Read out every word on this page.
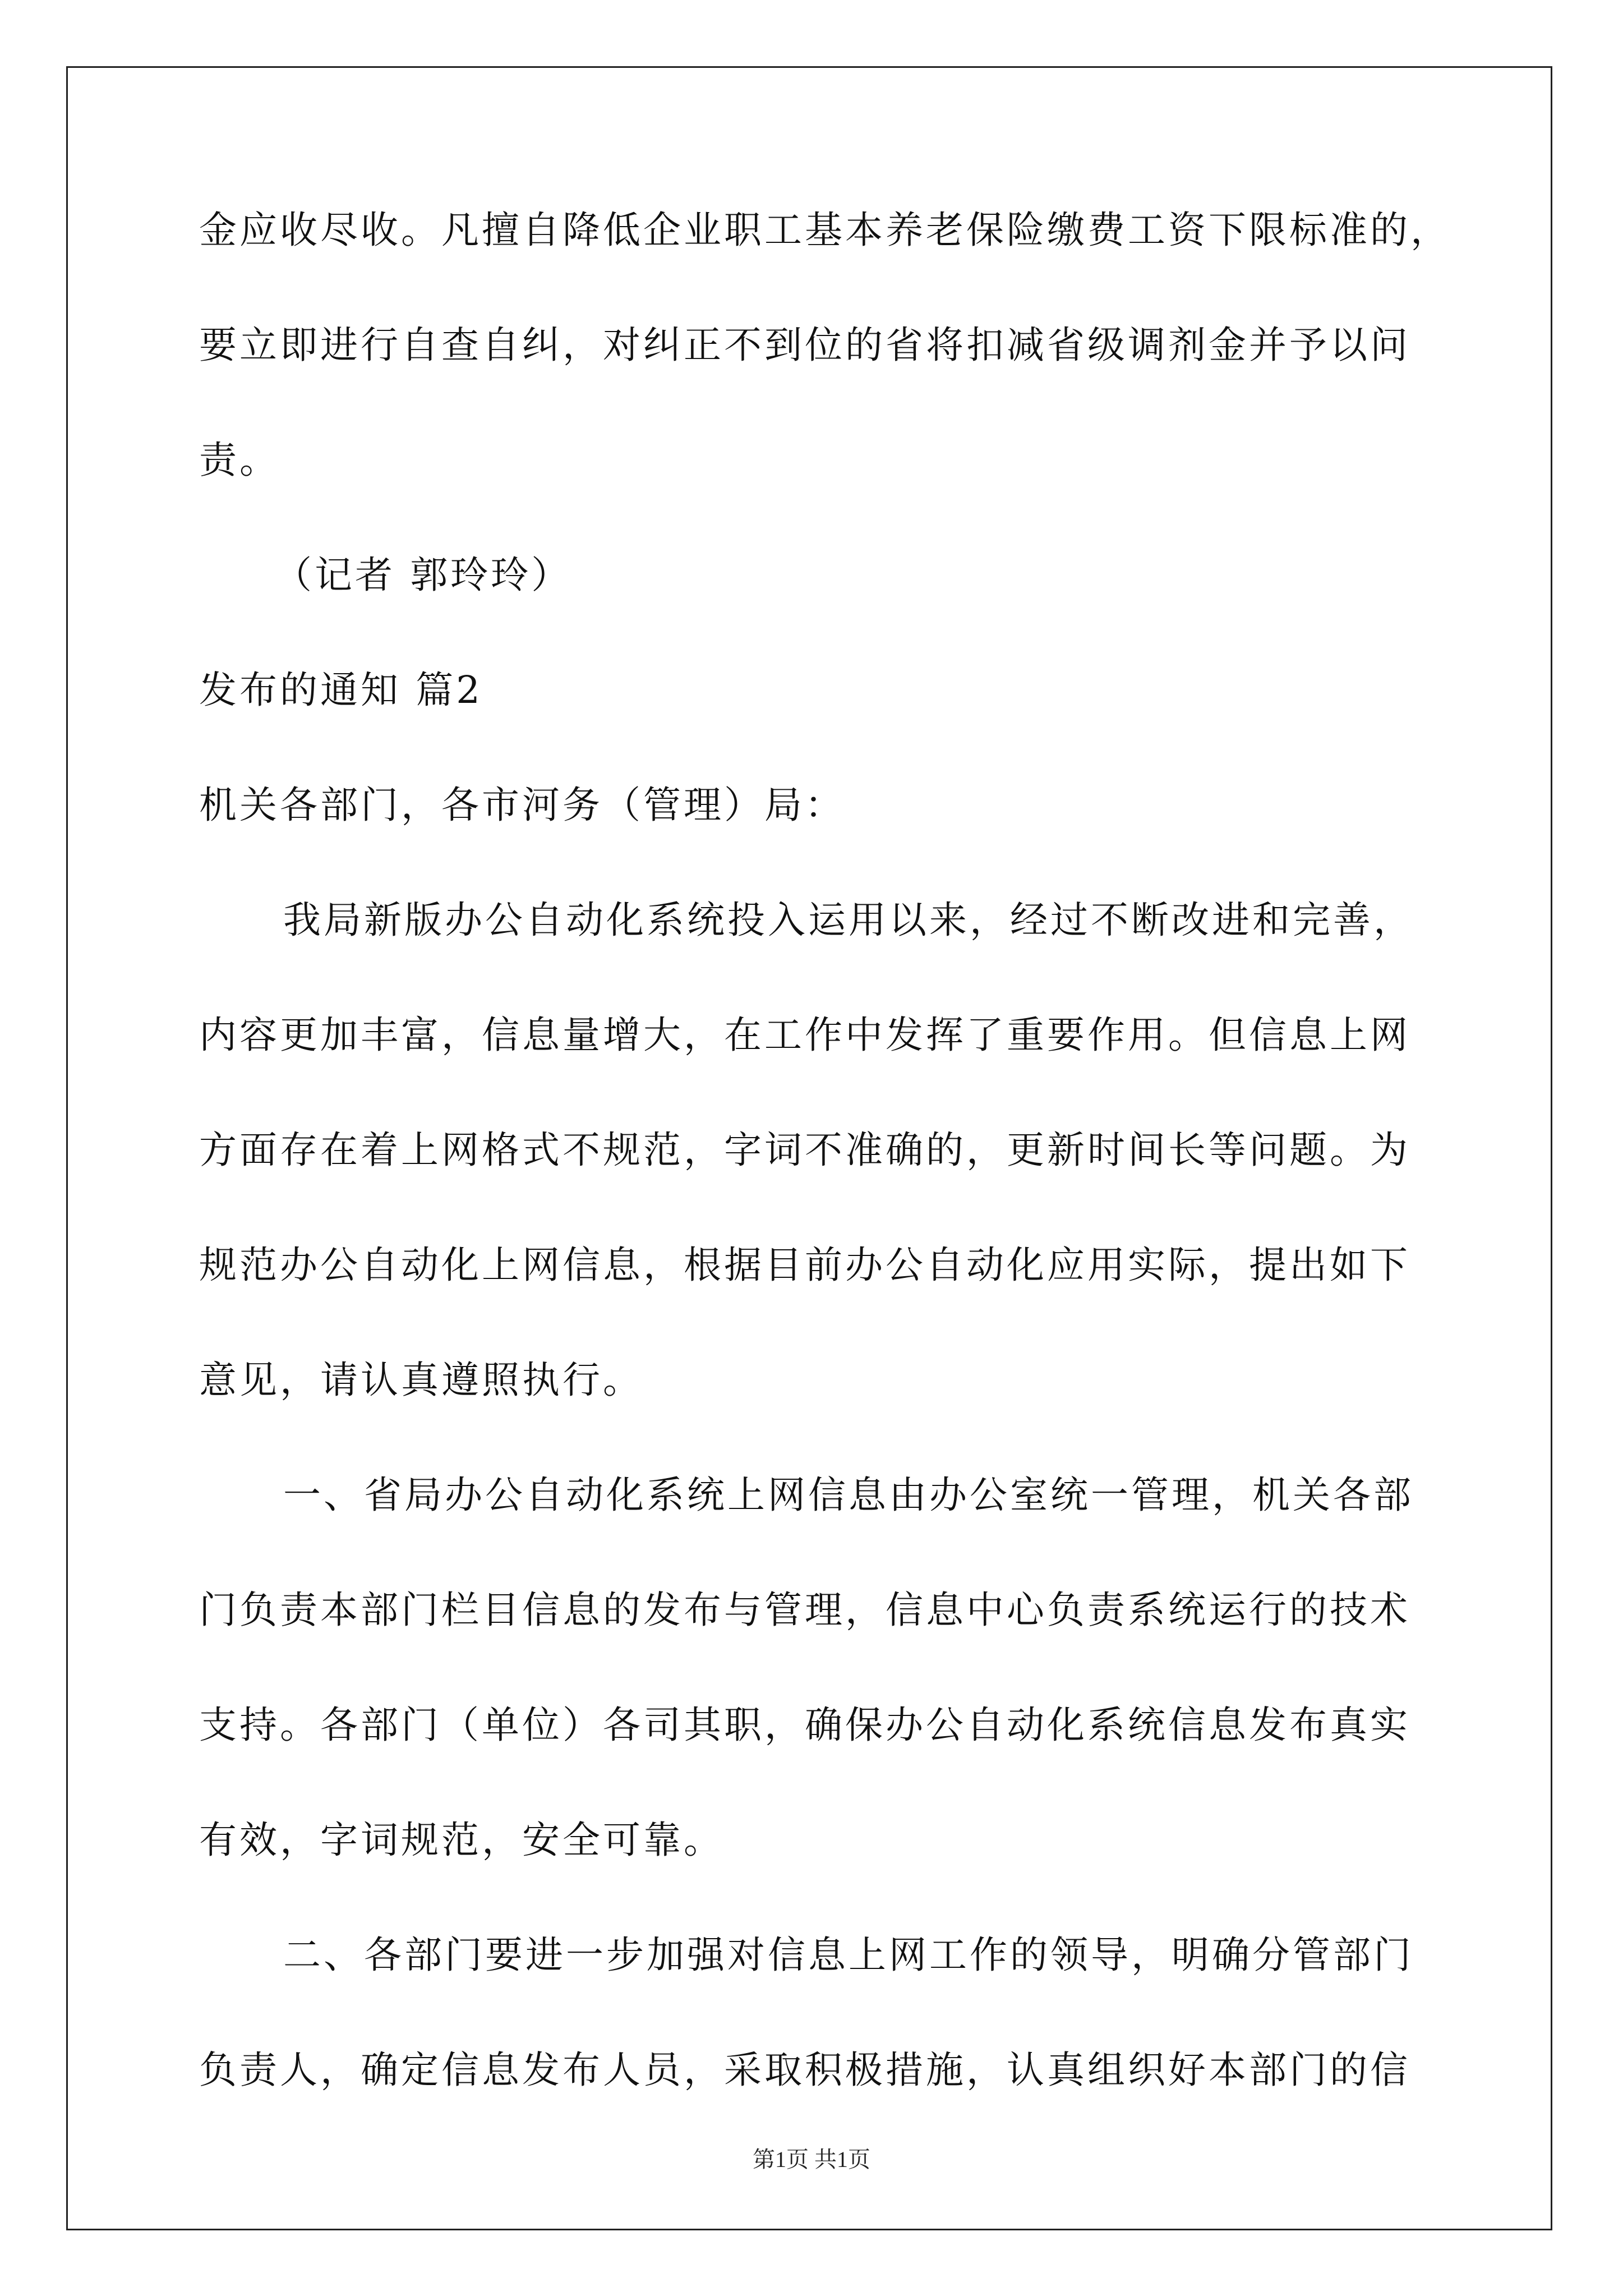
金应收尽收。凡擅自降低企业职工基本养老保险缴费工资下限标准的，
要立即进行自查自纠，对纠正不到位的省将扣减省级调剂金并予以问
责。
（记者 郭玲玲）
发布的通知 篇2
机关各部门，各市河务（管理）局：
我局新版办公自动化系统投入运用以来，经过不断改进和完善，
内容更加丰富，信息量增大，在工作中发挥了重要作用。但信息上网
方面存在着上网格式不规范，字词不准确的，更新时间长等问题。为
规范办公自动化上网信息，根据目前办公自动化应用实际，提出如下
意见，请认真遵照执行。
一、省局办公自动化系统上网信息由办公室统一管理，机关各部
门负责本部门栏目信息的发布与管理，信息中心负责系统运行的技术
支持。各部门（单位）各司其职，确保办公自动化系统信息发布真实
有效，字词规范，安全可靠。
二、各部门要进一步加强对信息上网工作的领导，明确分管部门
负责人，确定信息发布人员，采取积极措施，认真组织好本部门的信
第1页 共1页
